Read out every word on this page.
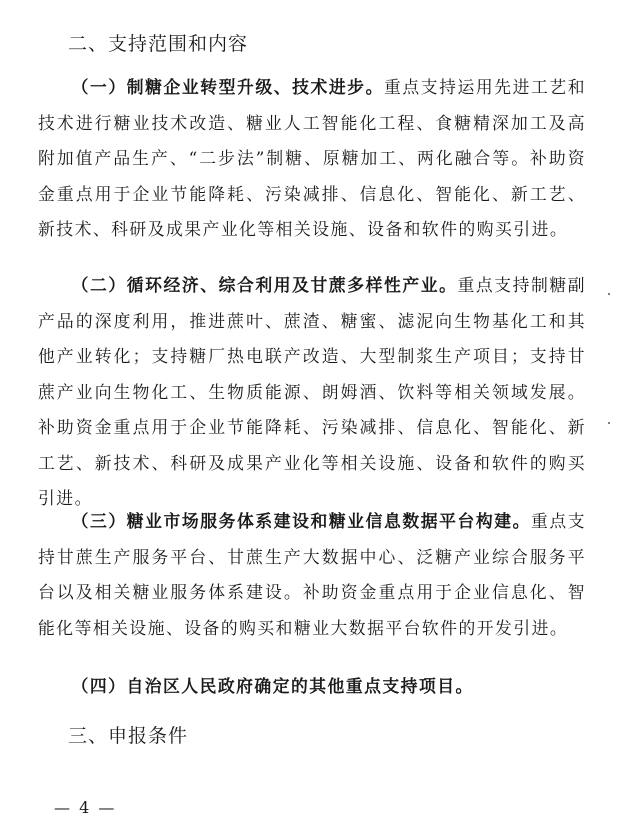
二、支持范围和内容

（一）制糖企业转型升级、技术进步。重点支持运用先进工艺和技术进行糖业技术改造、糖业人工智能化工程、食糖精深加工及高附加值产品生产、“二步法”制糖、原糖加工、两化融合等。补助资金重点用于企业节能降耗、污染减排、信息化、智能化、新工艺、新技术、科研及成果产业化等相关设施、设备和软件的购买引进。

（二）循环经济、综合利用及甘蔗多样性产业。重点支持制糖副产品的深度利用，推进蔗叶、蔗渣、糖蜜、滤泥向生物基化工和其他产业转化；支持糖厂热电联产改造、大型制浆生产项目；支持甘蔗产业向生物化工、生物质能源、朗姆酒、饮料等相关领域发展。补助资金重点用于企业节能降耗、污染减排、信息化、智能化、新工艺、新技术、科研及成果产业化等相关设施、设备和软件的购买引进。

（三）糖业市场服务体系建设和糖业信息数据平台构建。重点支持甘蔗生产服务平台、甘蔗生产大数据中心、泛糖产业综合服务平台以及相关糖业服务体系建设。补助资金重点用于企业信息化、智能化等相关设施、设备的购买和糖业大数据平台软件的开发引进。

（四）自治区人民政府确定的其他重点支持项目。

三、申报条件
— 4 —
